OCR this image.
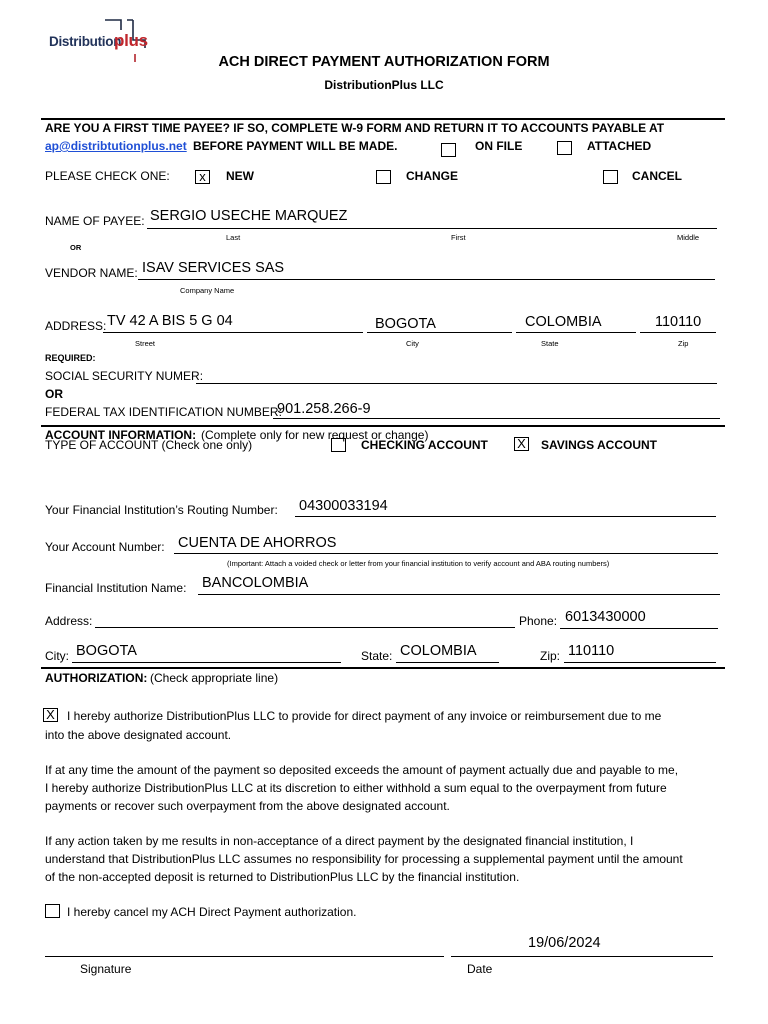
Distribution
plus
ACH DIRECT PAYMENT AUTHORIZATION FORM
DistributionPlus LLC
ARE YOU A FIRST TIME PAYEE? IF SO, COMPLETE W-9 FORM AND RETURN IT TO ACCOUNTS PAYABLE AT
ap@distribtutionplus.net BEFORE PAYMENT WILL BE MADE.	ON FILE	ATTACHED
PLEASE CHECK ONE:	x	NEW	CHANGE	CANCEL
NAME OF PAYEE: SERGIO USECHE MARQUEZ
Last	First	Middle
OR
VENDOR NAME: ISAV SERVICES SAS
Company Name
ADDRESS: TV 42 A BIS 5 G 04	BOGOTA	COLOMBIA	110110
Street	City	State	Zip
REQUIRED:
SOCIAL SECURITY NUMER:
OR
FEDERAL TAX IDENTIFICATION NUMBER:
901.258.266-9
ACCOUNT INFORMATION: (Complete only for new request or change)
TYPE OF ACCOUNT (Check one only)	CHECKING ACCOUNT X SAVINGS ACCOUNT
Your Financial Institution’s Routing Number: 04300033194
Your Account Number: CUENTA DE AHORROS
(Important: Attach a voided check or letter from your financial institution to verify account and ABA routing numbers)
Financial Institution Name: BANCOLOMBIA
Address:	Phone: 6013430000
City: BOGOTA	State: COLOMBIA	Zip: 110110
AUTHORIZATION: (Check appropriate line)
X I hereby authorize DistributionPlus LLC to provide for direct payment of any invoice or reimbursement due to me
into the above designated account.
If at any time the amount of the payment so deposited exceeds the amount of payment actually due and payable to me,
I hereby authorize DistributionPlus LLC at its discretion to either withhold a sum equal to the overpayment from future
payments or recover such overpayment from the above designated account.
If any action taken by me results in non-acceptance of a direct payment by the designated financial institution, I
understand that DistributionPlus LLC assumes no responsibility for processing a supplemental payment until the amount
of the non-accepted deposit is returned to DistributionPlus LLC by the financial institution.
I hereby cancel my ACH Direct Payment authorization.
19/06/2024
Signature	Date
